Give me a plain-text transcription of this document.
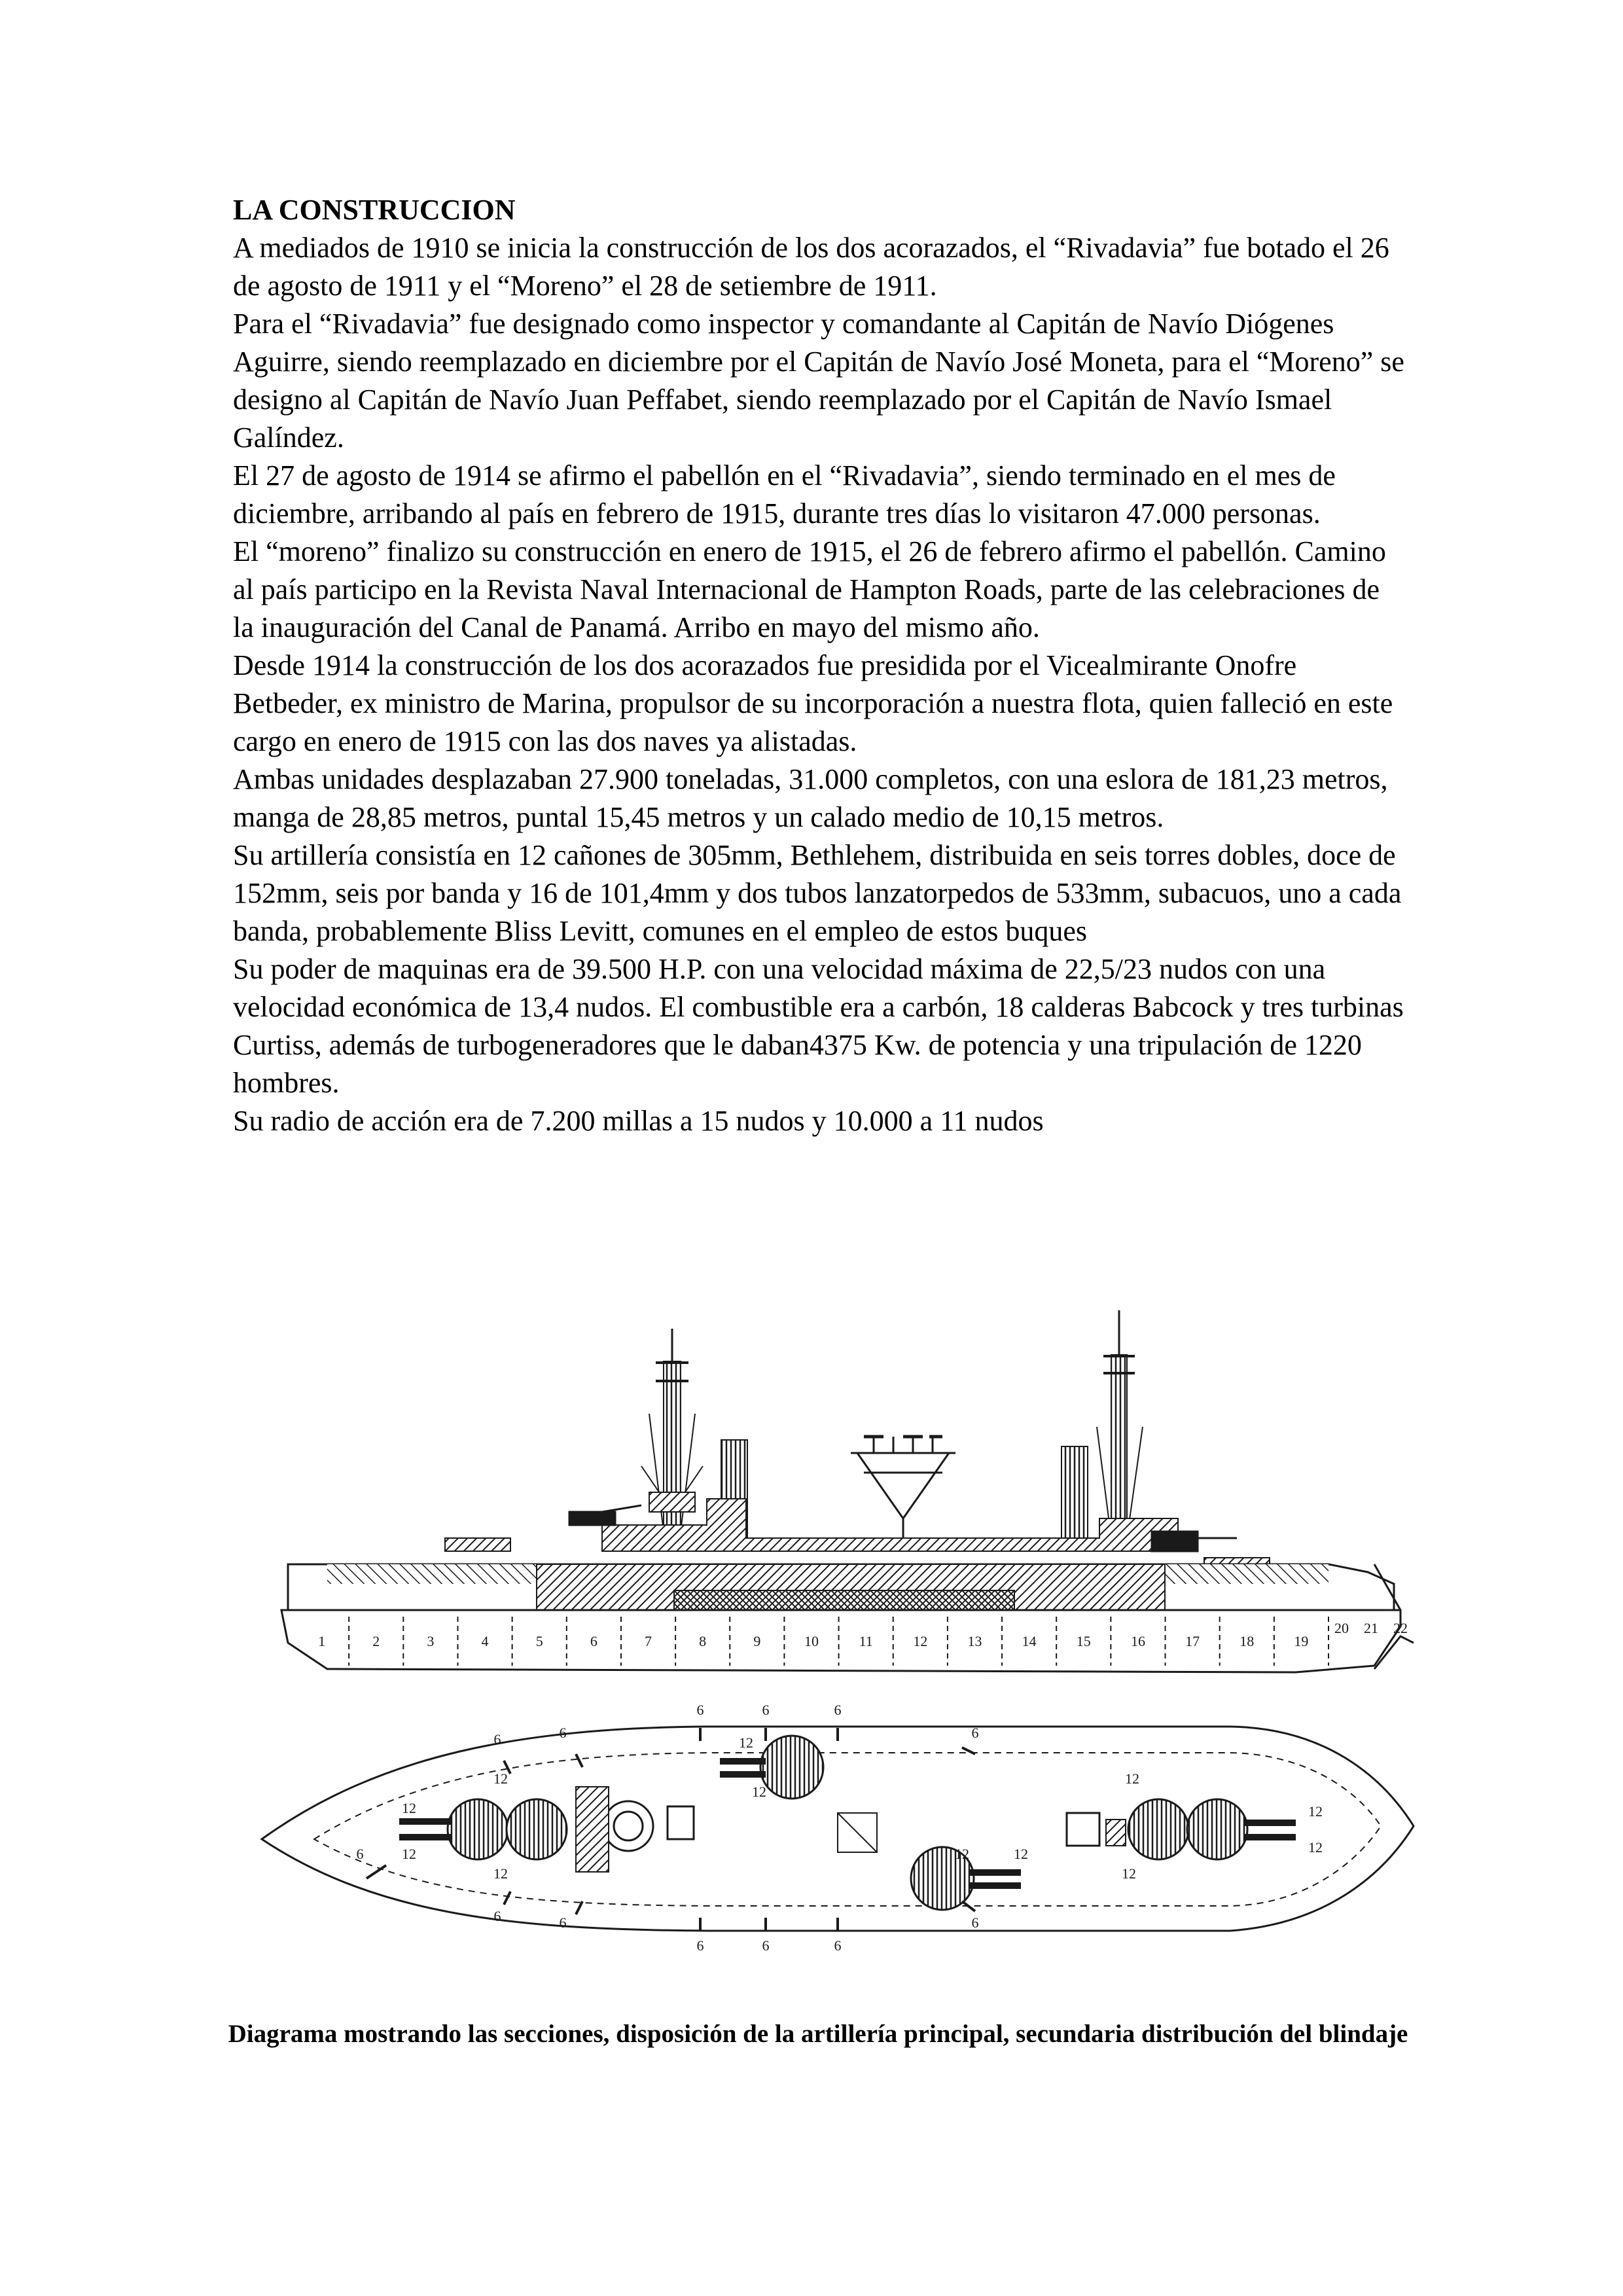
LA CONSTRUCCION

A mediados de 1910 se inicia la construcción de los dos acorazados, el “Rivadavia” fue botado el 26 de agosto de 1911 y el “Moreno” el 28 de setiembre de 1911.

Para el “Rivadavia” fue designado como inspector y comandante al Capitán de Navío Diógenes Aguirre, siendo reemplazado en diciembre por el Capitán de Navío José Moneta, para el “Moreno” se designo al Capitán de Navío Juan Peffabet, siendo reemplazado por el Capitán de Navío Ismael Galíndez.

El 27 de agosto de 1914 se afirmo el pabellón en el “Rivadavia”, siendo terminado en el mes de diciembre, arribando al país en febrero de 1915, durante tres días lo visitaron 47.000 personas.

El “moreno” finalizo su construcción en enero de 1915, el 26 de febrero afirmo el pabellón. Camino al país participo en la Revista Naval Internacional de Hampton Roads, parte de las celebraciones de la inauguración del Canal de Panamá. Arribo en mayo del mismo año.

Desde 1914 la construcción de los dos acorazados fue presidida por el Vicealmirante Onofre Betbeder, ex ministro de Marina, propulsor de su incorporación a nuestra flota, quien falleció en este cargo en enero de 1915 con las dos naves ya alistadas.

Ambas unidades desplazaban 27.900 toneladas, 31.000 completos, con una eslora de 181,23 metros, manga de 28,85 metros, puntal 15,45 metros y un calado medio de 10,15 metros.

Su artillería consistía en 12 cañones de 305mm, Bethlehem, distribuida en seis torres dobles, doce de 152mm, seis por banda y 16 de 101,4mm y dos tubos lanzatorpedos de 533mm, subacuos, uno a cada banda, probablemente Bliss Levitt, comunes en el empleo de estos buques

Su poder de maquinas era de 39.500 H.P. con una velocidad máxima de 22,5/23 nudos con una velocidad económica de 13,4 nudos. El combustible era a carbón, 18 calderas Babcock y tres turbinas Curtiss, además de turbogeneradores que le daban4375 Kw. de potencia y una tripulación de 1220 hombres.

Su radio de acción era de 7.200 millas a 15 nudos y 10.000 a 11 nudos

1	2	3	4	5	6	7	8	9	10	11	12	13	14	15	16	17	18	19
20 21 22
12
12
12
12
12
12
12	12
12
12
12
12
6
6	6
6	6	6
6
6	6
6	6	6
6
Diagrama mostrando las secciones, disposición de la artillería principal, secundaria distribución del blindaje
